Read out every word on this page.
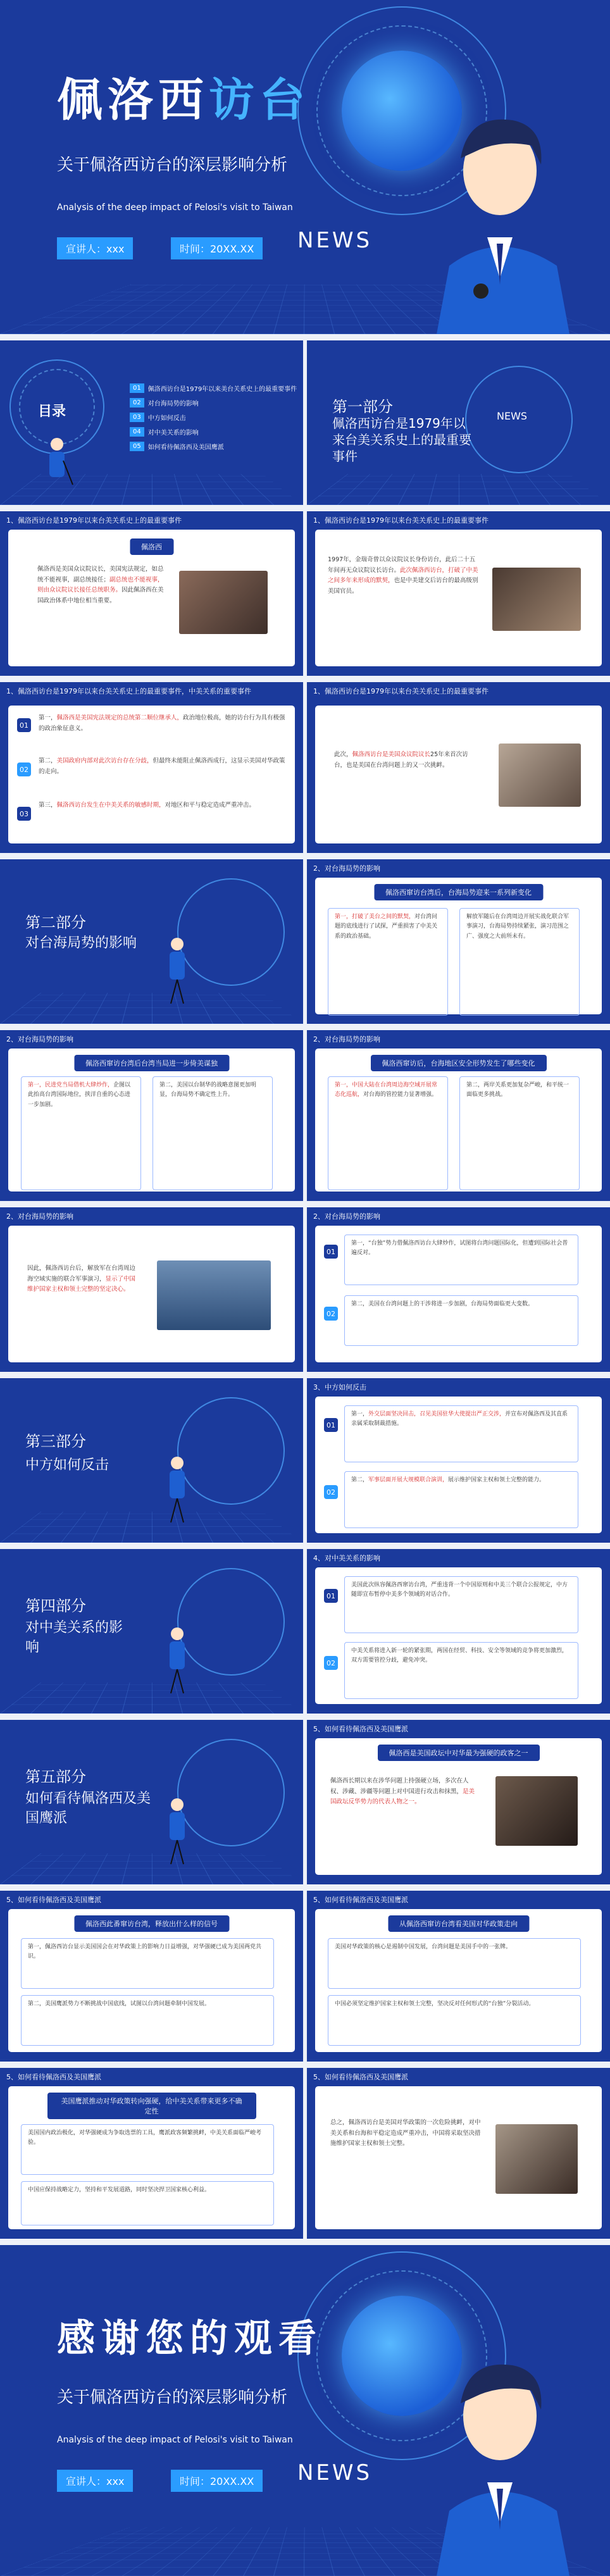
佩洛西访台
关于佩洛西访台的深层影响分析
Analysis of the deep impact of Pelosi's visit to Taiwan
宣讲人：xxx	时间：20XX.XX	NEWS
目录
01	佩洛西访台是1979年以来美台关系史上的最重要事件
02	对台海局势的影响
03	中方如何反击
04	对中美关系的影响
05	如何看待佩洛西及美国鹰派
第一部分
佩洛西访台是1979年以来台美关系史上的最重要事件
NEWS
1、佩洛西访台是1979年以来台美关系史上的最重要事件
佩洛西
佩洛西是美国众议院议长，美国宪法规定，如总统不能视事，副总统接任；副总统也不能视事，则由众议院议长接任总统职务。因此佩洛西在美国政治体系中地位相当重要。
1、佩洛西访台是1979年以来台美关系史上的最重要事件
1997年，金瑞奇曾以众议院议长身份访台，此后二十五年间再无众议院议长访台。此次佩洛西访台，打破了中美之间多年来形成的默契，也是中美建交后访台的最高级别美国官员。
1、佩洛西访台是1979年以来台美关系史上的最重要事件，中美关系的重要事件
01
第一，佩洛西是美国宪法规定的总统第二顺位继承人，政治地位极高，她的访台行为具有极强的政治象征意义。
02
第二，美国政府内部对此次访台存在分歧，但最终未能阻止佩洛西成行，这显示美国对华政策的走向。
03
第三，佩洛西访台发生在中美关系的敏感时期，对地区和平与稳定造成严重冲击。
1、佩洛西访台是1979年以来台美关系史上的最重要事件
此次，佩洛西访台是美国众议院议长25年来首次访台，也是美国在台湾问题上的又一次挑衅。
第二部分
对台海局势的影响
2、对台海局势的影响
佩洛西窜访台湾后，台海局势迎来一系列新变化
第一，打破了美台之间的默契，对台湾问题的底线进行了试探，严重损害了中美关系的政治基础。
解放军随后在台湾周边开展实战化联合军事演习，台海局势持续紧张，演习范围之广、强度之大前所未有。
2、对台海局势的影响
佩洛西窜访台湾后台湾当局进一步倚美谋独
第一，民进党当局借机大肆炒作，企图以此抬高台湾国际地位，挟洋自重的心态进一步加剧。
第二，美国以台制华的战略意图更加明显，台海局势不确定性上升。
2、对台海局势的影响
佩洛西窜访后，台海地区安全形势发生了哪些变化
第一，中国大陆在台湾周边海空域开展常态化巡航，对台海的管控能力显著增强。
第二，两岸关系更加复杂严峻，和平统一面临更多挑战。
2、对台海局势的影响
因此，佩洛西访台后，解放军在台湾周边海空域实施的联合军事演习，显示了中国维护国家主权和领土完整的坚定决心。
2、对台海局势的影响
01
第一，“台独”势力借佩洛西访台大肆炒作，试图将台湾问题国际化，但遭到国际社会普遍反对。
02
第二，美国在台湾问题上的干涉将进一步加剧，台海局势面临更大变数。
第三部分
中方如何反击
3、中方如何反击
01
第一，外交层面坚决回击，召见美国驻华大使提出严正交涉，并宣布对佩洛西及其直系亲属采取制裁措施。
02
第二，军事层面开展大规模联合演训，展示维护国家主权和领土完整的能力。
第四部分
对中美关系的影响
4、对中美关系的影响
01
美国此次纵容佩洛西窜访台湾，严重违背一个中国原则和中美三个联合公报规定，中方随即宣布暂停中美多个领域的对话合作。
02
中美关系将进入新一轮的紧张期，两国在经贸、科技、安全等领域的竞争将更加激烈，双方需要管控分歧，避免冲突。
第五部分
如何看待佩洛西及美国鹰派
5、如何看待佩洛西及美国鹰派
佩洛西是美国政坛中对华最为强硬的政客之一
佩洛西长期以来在涉华问题上持强硬立场，多次在人权、涉藏、涉疆等问题上对中国进行攻击和抹黑，是美国政坛反华势力的代表人物之一。
5、如何看待佩洛西及美国鹰派
佩洛西此番窜访台湾，释放出什么样的信号
第一，佩洛西访台显示美国国会在对华政策上的影响力日益增强，对华强硬已成为美国两党共识。
第二，美国鹰派势力不断挑战中国底线，试图以台湾问题牵制中国发展。
5、如何看待佩洛西及美国鹰派
从佩洛西窜访台湾看美国对华政策走向
美国对华政策的核心是遏制中国发展，台湾问题是美国手中的一张牌。
中国必须坚定维护国家主权和领土完整，坚决反对任何形式的“台独”分裂活动。
5、如何看待佩洛西及美国鹰派
美国鹰派推动对华政策转向强硬，给中美关系带来更多不确定性
美国国内政治极化，对华强硬成为争取选票的工具，鹰派政客频繁挑衅，中美关系面临严峻考验。
中国应保持战略定力，坚持和平发展道路，同时坚决捍卫国家核心利益。
5、如何看待佩洛西及美国鹰派
总之，佩洛西访台是美国对华政策的一次危险挑衅，对中美关系和台海和平稳定造成严重冲击，中国将采取坚决措施维护国家主权和领土完整。
感谢您的观看
关于佩洛西访台的深层影响分析
Analysis of the deep impact of Pelosi's visit to Taiwan
宣讲人：xxx	时间：20XX.XX	NEWS
